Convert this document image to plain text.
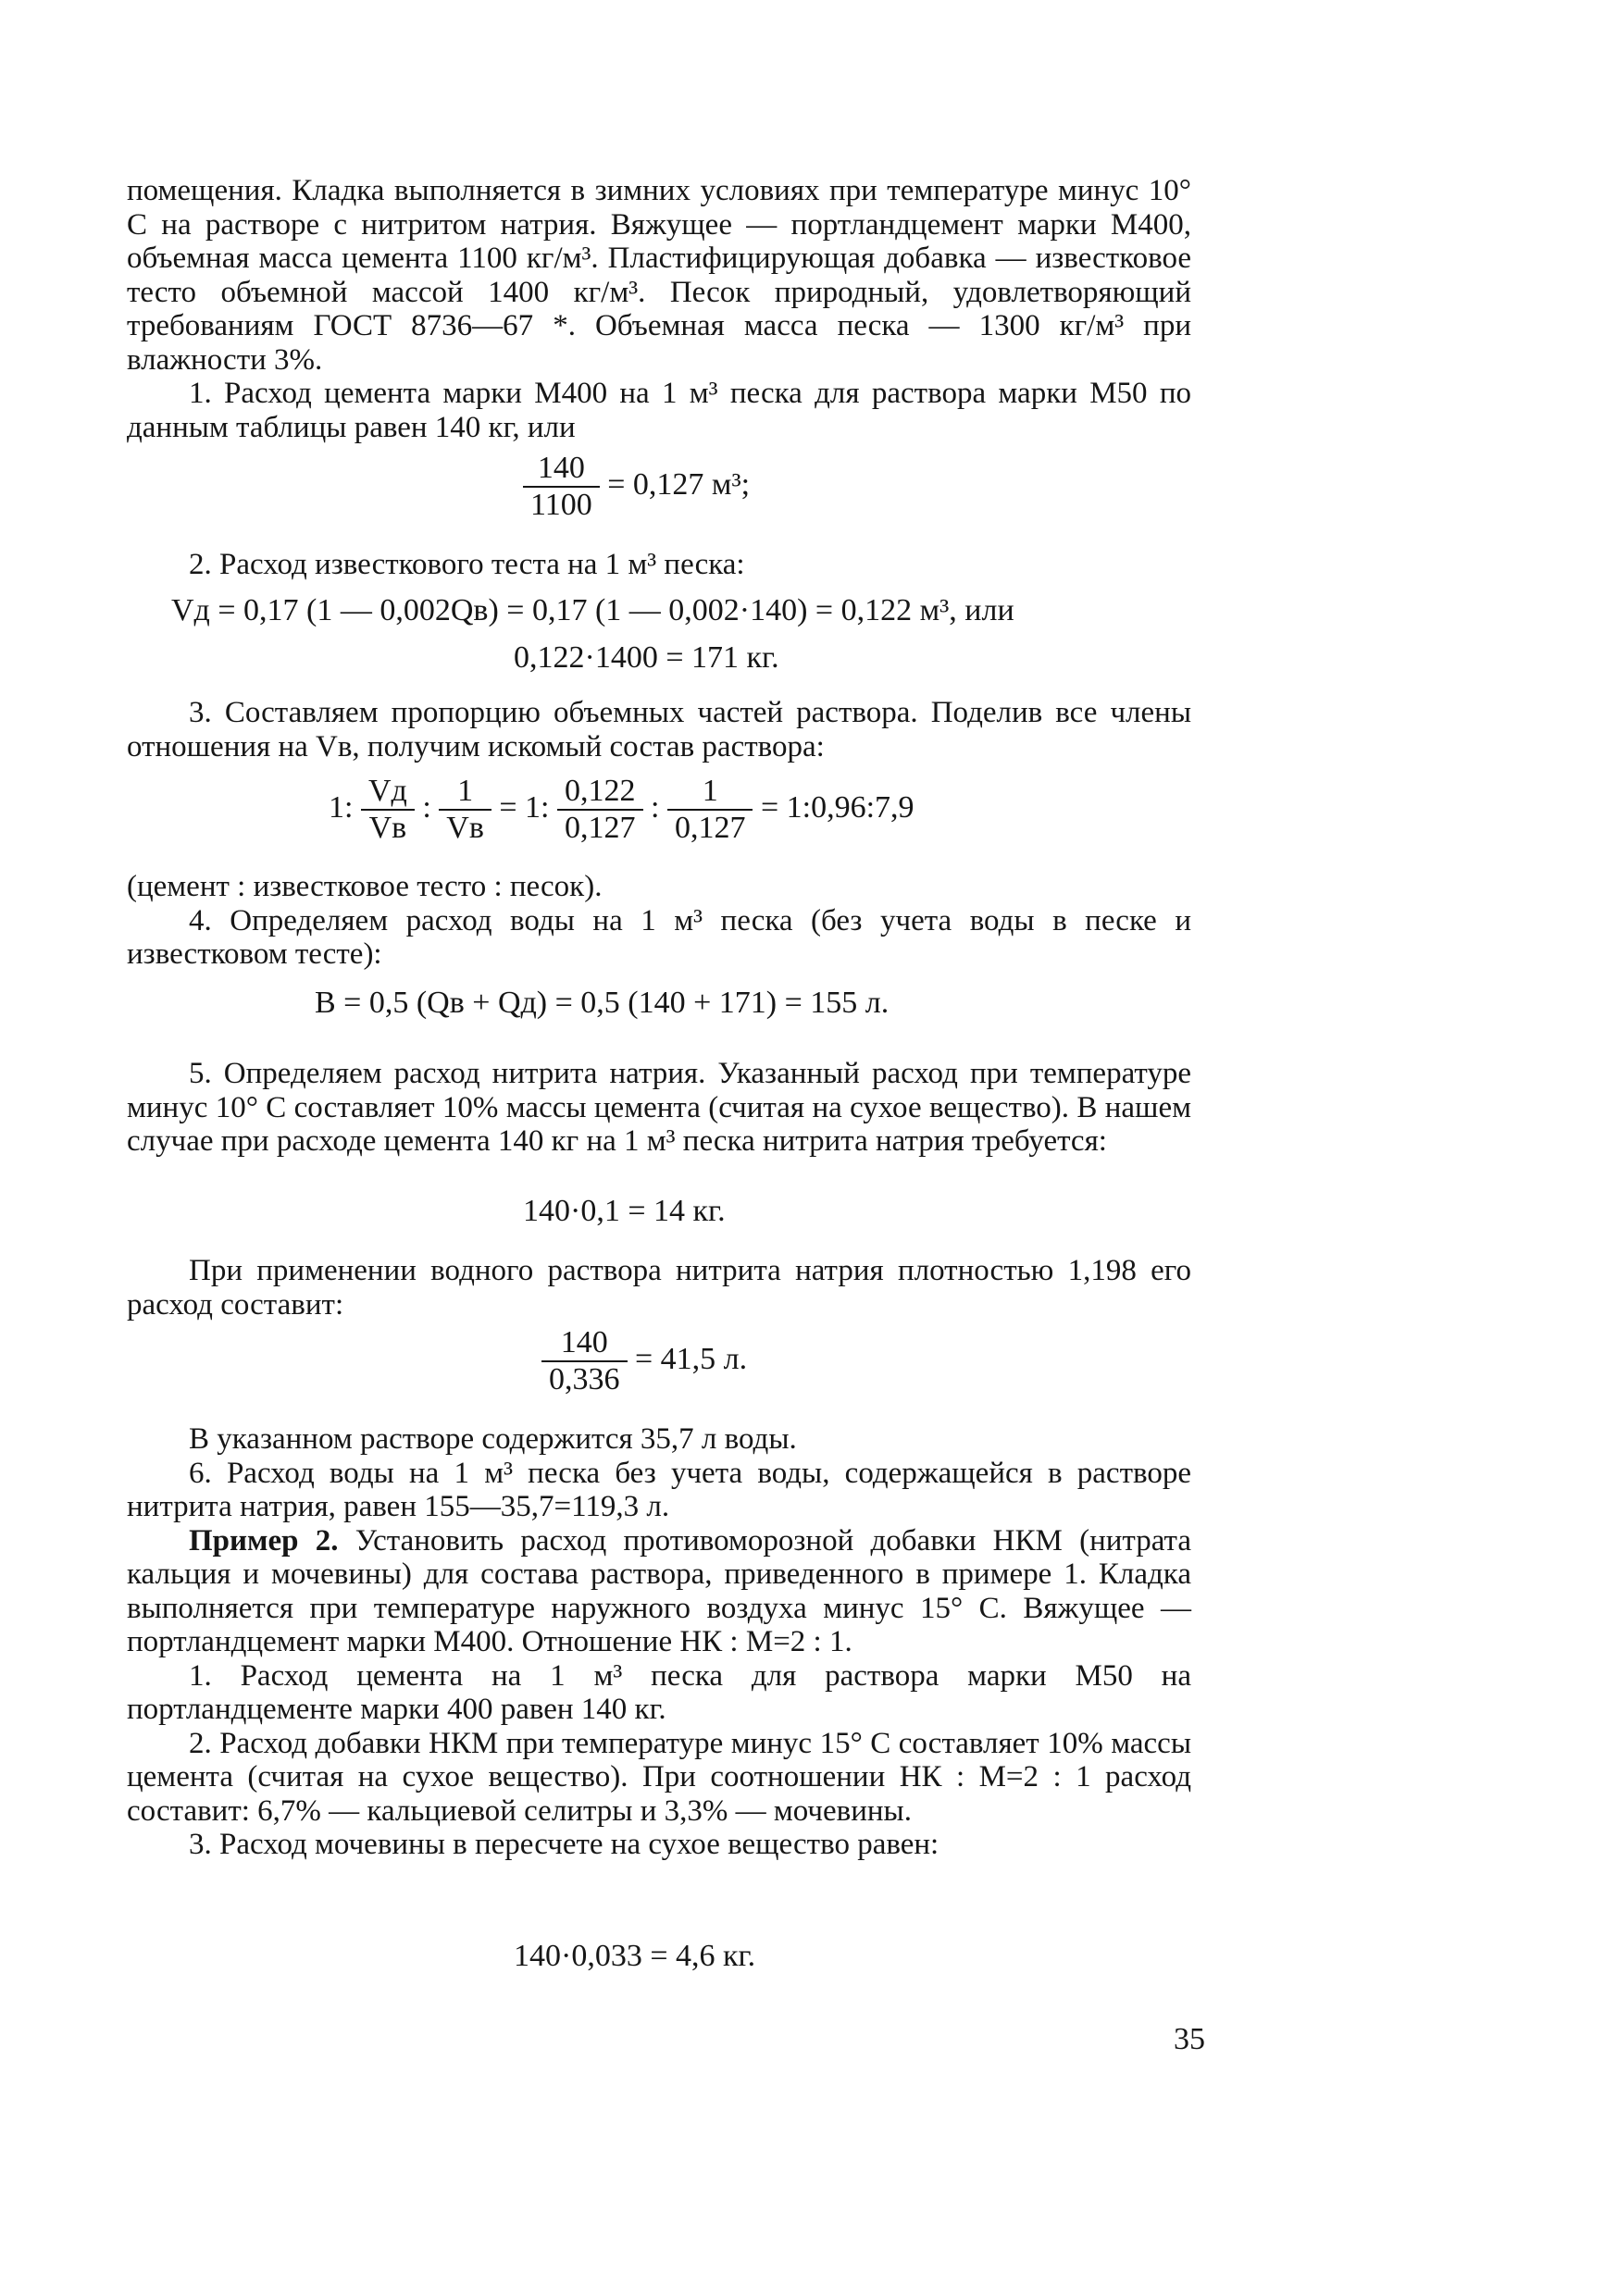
помещения. Кладка выполняется в зимних условиях при температуре минус 10° С на растворе с нитритом натрия. Вяжущее — портландцемент марки М400, объемная масса цемента 1100 кг/м³. Пластифицирующая добавка — известковое тесто объемной массой 1400 кг/м³. Песок природный, удовлетворяющий требованиям ГОСТ 8736—67 *. Объемная масса песка — 1300 кг/м³ при влажности 3%.

1. Расход цемента марки М400 на 1 м³ песка для раствора марки М50 по данным таблицы равен 140 кг, или

$\frac{140}{1100} = 0,127$ м³;

2. Расход известкового теста на 1 м³ песка:

Vд = 0,17 (1 — 0,002Qв) = 0,17 (1 — 0,002·140) = 0,122 м³, или
0,122·1400 = 171 кг.

3. Составляем пропорцию объемных частей раствора. Поделив все члены отношения на Vв, получим искомый состав раствора:

1: $\frac{Vд}{Vв}$ : $\frac{1}{Vв} = 1$: $\frac{0,122}{0,127}$ : $\frac{1}{0,127}$ = 1:0,96:7,9

(цемент : известковое тесто : песок).

4. Определяем расход воды на 1 м³ песка (без учета воды в песке и известковом тесте):

В = 0,5 (Qв + Qд) = 0,5 (140 + 171) = 155 л.

5. Определяем расход нитрита натрия. Указанный расход при температуре минус 10° С составляет 10% массы цемента (считая на сухое вещество). В нашем случае при расходе цемента 140 кг на 1 м³ песка нитрита натрия требуется:

140·0,1 = 14 кг.

При применении водного раствора нитрита натрия плотностью 1,198 его расход составит:

$\frac{140}{0,336} = 41,5$ л.

В указанном растворе содержится 35,7 л воды.

6. Расход воды на 1 м³ песка без учета воды, содержащейся в растворе нитрита натрия, равен 155—35,7=119,3 л.

Пример 2. Установить расход противоморозной добавки НКМ (нитрата кальция и мочевины) для состава раствора, приведенного в примере 1. Кладка выполняется при температуре наружного воздуха минус 15° С. Вяжущее — портландцемент марки М400. Отношение НК : М=2 : 1.

1. Расход цемента на 1 м³ песка для раствора марки М50 на портландцементе марки 400 равен 140 кг.

2. Расход добавки НКМ при температуре минус 15° С составляет 10% массы цемента (считая на сухое вещество). При соотношении НК : М=2 : 1 расход составит: 6,7% — кальциевой селитры и 3,3% — мочевины.

3. Расход мочевины в пересчете на сухое вещество равен:

140·0,033 = 4,6 кг.
35
